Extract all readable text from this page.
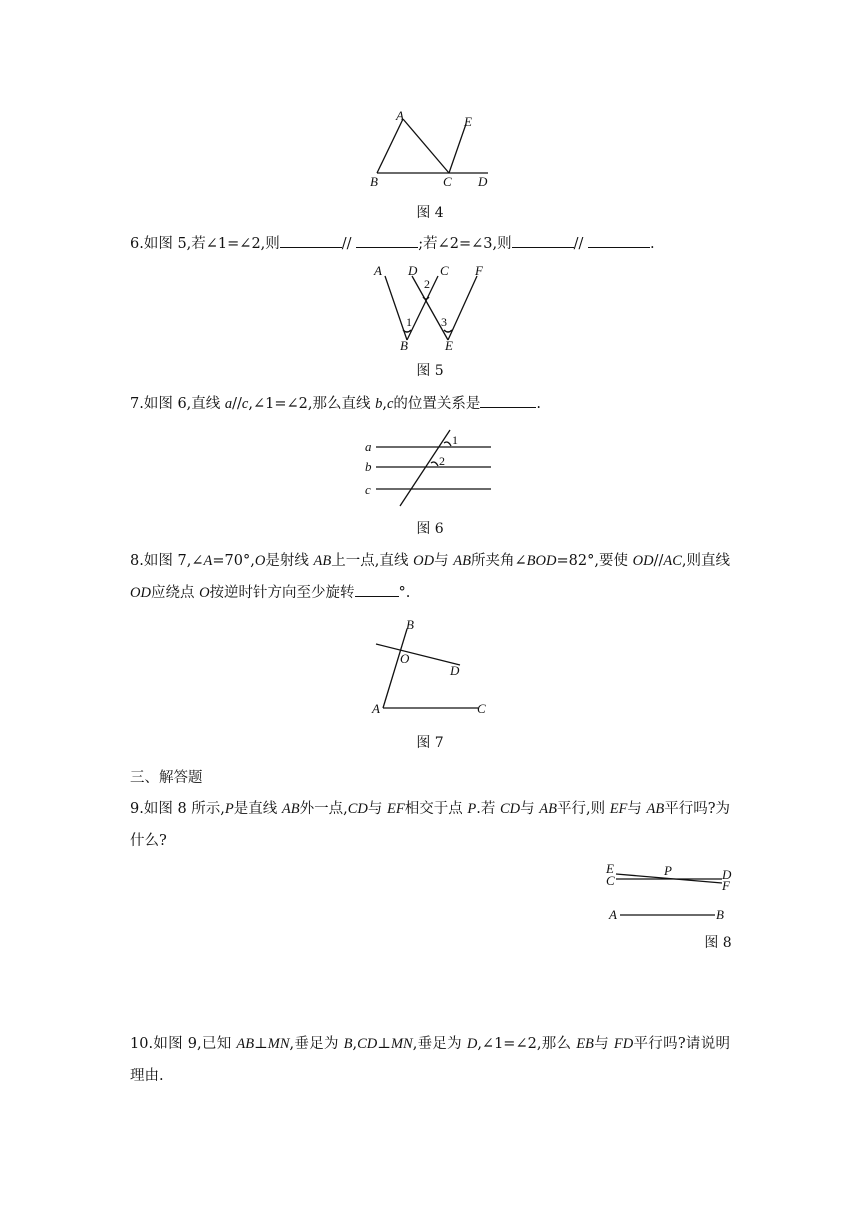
A
B	C D
E
图 4
6.如图 5,若∠1=∠2,则	//	;若∠2=∠3,则	//	.
A D C F
B	E
1
2
3
图 5
7.如图 6,直线 a//c,∠1=∠2,那么直线 b,c的位置关系是	.
a
b
c
1
2
图 6
8.如图 7,∠A=70°,O是射线 AB上一点,直线 OD与 AB所夹角∠BOD=82°,要使 OD//AC,则直线 OD应绕点 O按逆时针方向至少旋转	°.
B
O
D
A	C
图 7
三、解答题
9.如图 8 所示,P是直线 AB外一点,CD与 EF相交于点 P.若 CD与 AB平行,则 EF与 AB平行吗?为什么?
E
C
P	D
F
A	B
图 8
10.如图 9,已知 AB⊥MN,垂足为 B,CD⊥MN,垂足为 D,∠1=∠2,那么 EB与 FD平行吗?请说明理由.
